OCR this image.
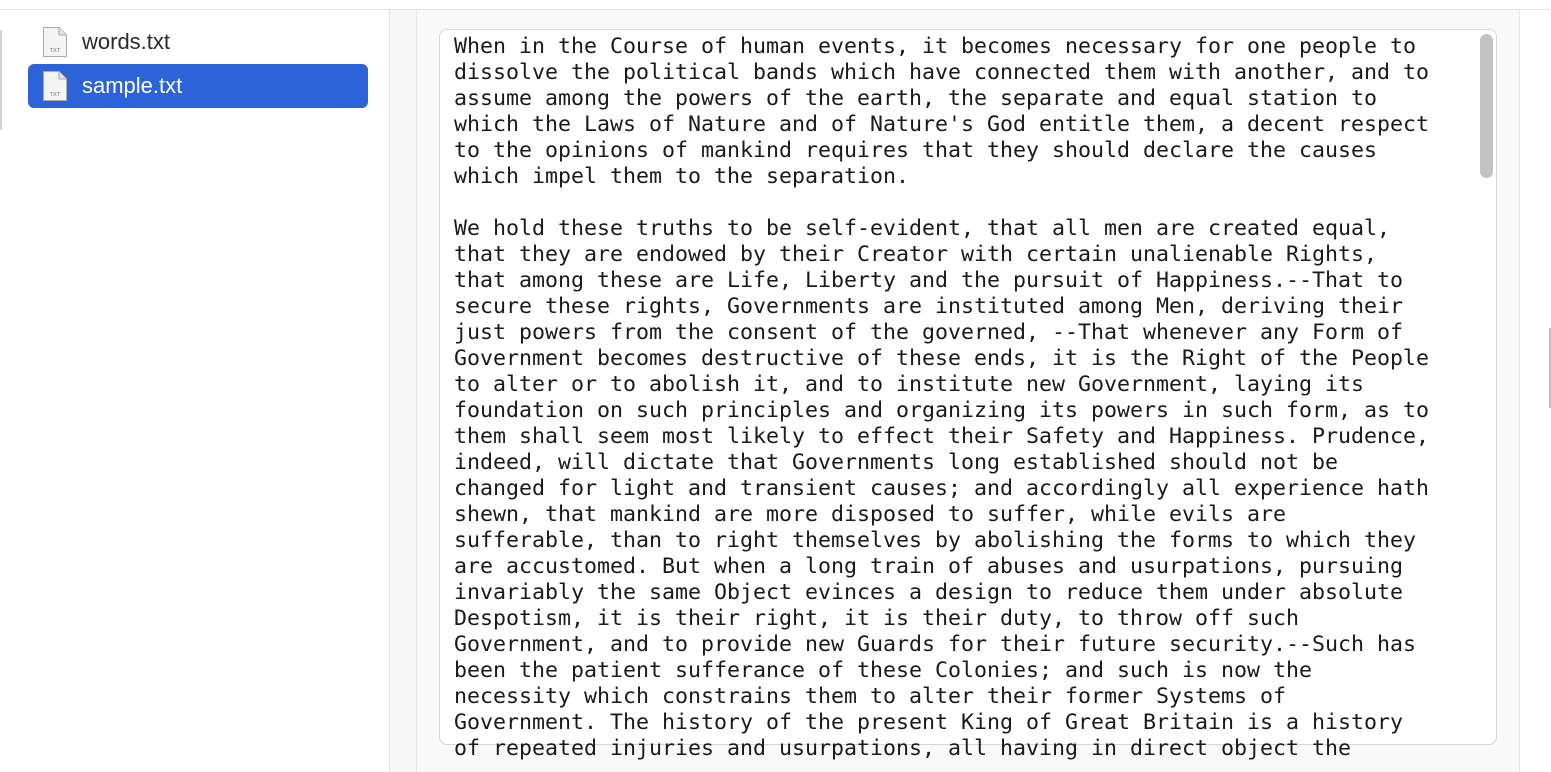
TXT words.txt
TXT sample.txt
When in the Course of human events, it becomes necessary for one people to
dissolve the political bands which have connected them with another, and to
assume among the powers of the earth, the separate and equal station to
which the Laws of Nature and of Nature's God entitle them, a decent respect
to the opinions of mankind requires that they should declare the causes
which impel them to the separation.

We hold these truths to be self-evident, that all men are created equal,
that they are endowed by their Creator with certain unalienable Rights,
that among these are Life, Liberty and the pursuit of Happiness.--That to
secure these rights, Governments are instituted among Men, deriving their
just powers from the consent of the governed, --That whenever any Form of
Government becomes destructive of these ends, it is the Right of the People
to alter or to abolish it, and to institute new Government, laying its
foundation on such principles and organizing its powers in such form, as to
them shall seem most likely to effect their Safety and Happiness. Prudence,
indeed, will dictate that Governments long established should not be
changed for light and transient causes; and accordingly all experience hath
shewn, that mankind are more disposed to suffer, while evils are
sufferable, than to right themselves by abolishing the forms to which they
are accustomed. But when a long train of abuses and usurpations, pursuing
invariably the same Object evinces a design to reduce them under absolute
Despotism, it is their right, it is their duty, to throw off such
Government, and to provide new Guards for their future security.--Such has
been the patient sufferance of these Colonies; and such is now the
necessity which constrains them to alter their former Systems of
Government. The history of the present King of Great Britain is a history
of repeated injuries and usurpations, all having in direct object the
